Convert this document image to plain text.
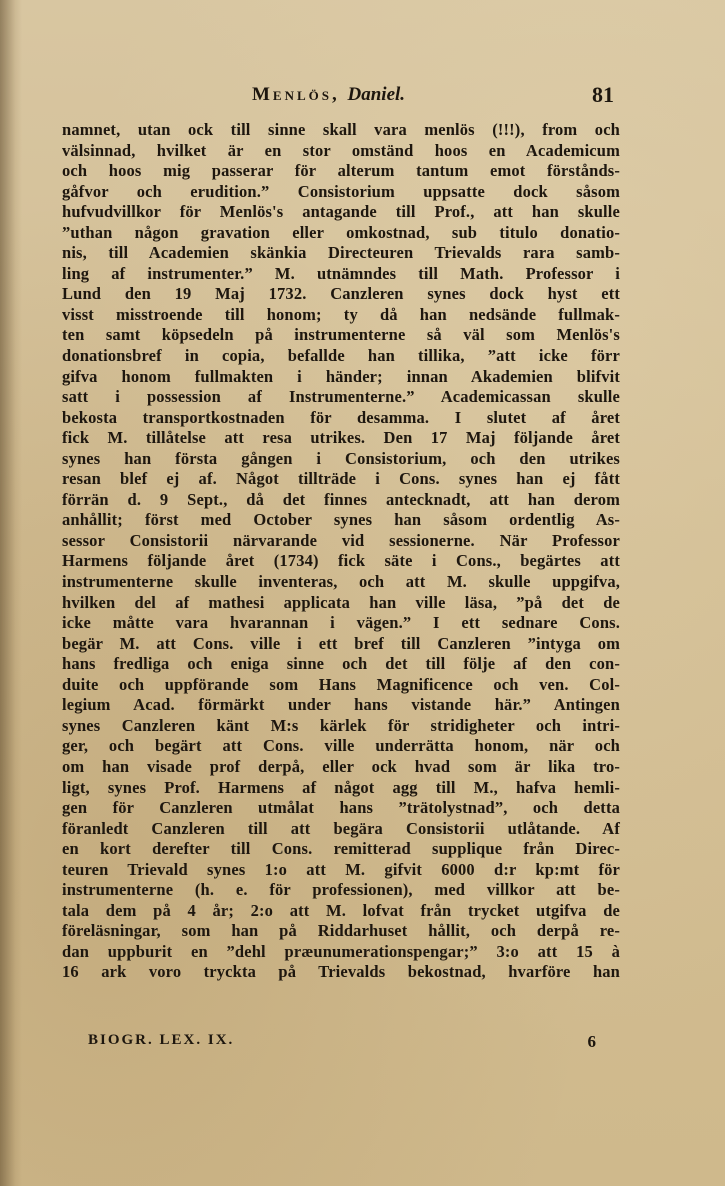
Menlös, Daniel.	81
namnet, utan ock till sinne skall vara menlös (!!!), from och
välsinnad, hvilket är en stor omständ hoos en Academicum
och hoos mig passerar för alterum tantum emot förstånds-
gåfvor och erudition.” Consistorium uppsatte dock såsom
hufvudvillkor för Menlös's antagande till Prof., att han skulle
”uthan någon gravation eller omkostnad, sub titulo donatio-
nis, till Academien skänkia Directeuren Trievalds rara samb-
ling af instrumenter.” M. utnämndes till Math. Professor i
Lund den 19 Maj 1732. Canzleren synes dock hyst ett
visst misstroende till honom; ty då han nedsände fullmak-
ten samt köpsedeln på instrumenterne så väl som Menlös's
donationsbref in copia, befallde han tillika, ”att icke förr
gifva honom fullmakten i händer; innan Akademien blifvit
satt i possession af Instrumenterne.” Academicassan skulle
bekosta transportkostnaden för desamma. I slutet af året
fick M. tillåtelse att resa utrikes. Den 17 Maj följande året
synes han första gången i Consistorium, och den utrikes
resan blef ej af. Något tillträde i Cons. synes han ej fått
förrän d. 9 Sept., då det finnes antecknadt, att han derom
anhållit; först med October synes han såsom ordentlig As-
sessor Consistorii närvarande vid sessionerne. När Professor
Harmens följande året (1734) fick säte i Cons., begärtes att
instrumenterne skulle inventeras, och att M. skulle uppgifva,
hvilken del af mathesi applicata han ville läsa, ”på det de
icke måtte vara hvarannan i vägen.” I ett sednare Cons.
begär M. att Cons. ville i ett bref till Canzleren ”intyga om
hans fredliga och eniga sinne och det till följe af den con-
duite och uppförande som Hans Magnificence och ven. Col-
legium Acad. förmärkt under hans vistande här.” Antingen
synes Canzleren känt M:s kärlek för stridigheter och intri-
ger, och begärt att Cons. ville underrätta honom, när och
om han visade prof derpå, eller ock hvad som är lika tro-
ligt, synes Prof. Harmens af något agg till M., hafva hemli-
gen för Canzleren utmålat hans ”trätolystnad”, och detta
föranledt Canzleren till att begära Consistorii utlåtande. Af
en kort derefter till Cons. remitterad supplique från Direc-
teuren Trievald synes 1:o att M. gifvit 6000 d:r kp:mt för
instrumenterne (h. e. för professionen), med villkor att be-
tala dem på 4 år; 2:o att M. lofvat från trycket utgifva de
föreläsningar, som han på Riddarhuset hållit, och derpå re-
dan uppburit en ”dehl præunumerationspengar;” 3:o att 15 à
16 ark voro tryckta på Trievalds bekostnad, hvarföre han
BIOGR. LEX. IX.	6
